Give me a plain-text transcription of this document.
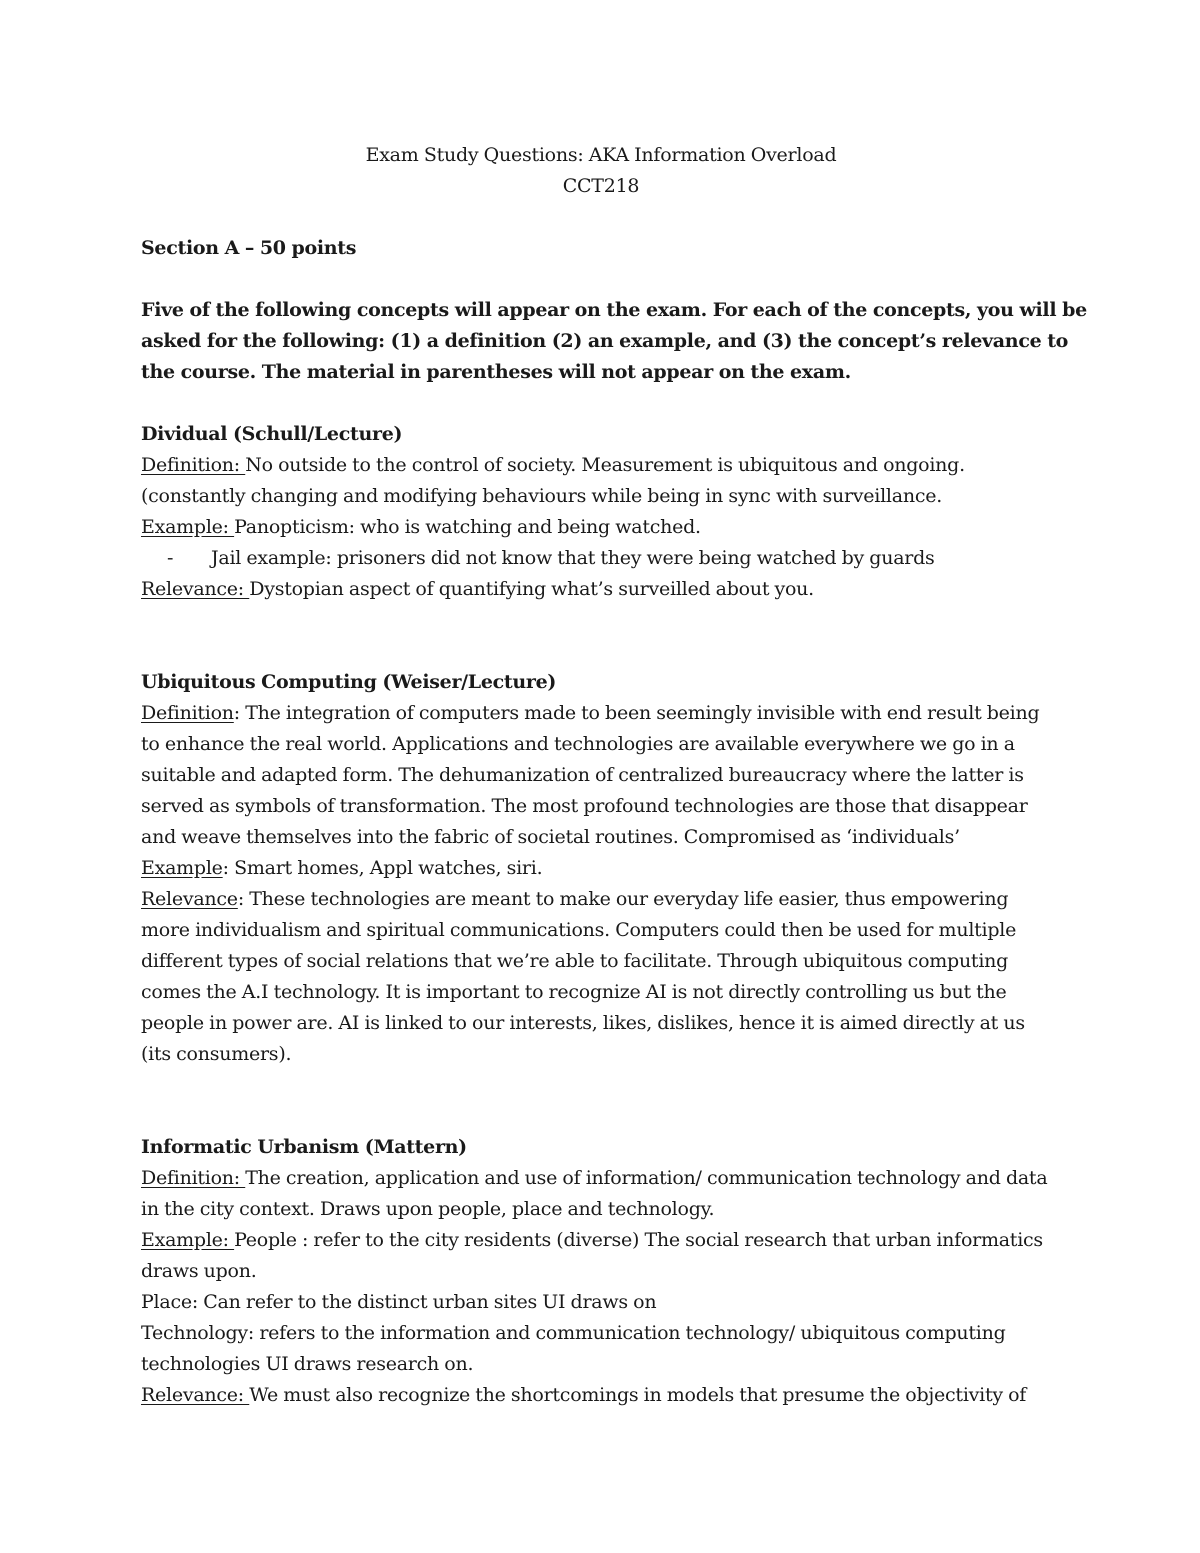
Exam Study Questions: AKA Information Overload
CCT218
Section A – 50 points
Five of the following concepts will appear on the exam. For each of the concepts, you will be
asked for the following: (1) a definition (2) an example, and (3) the concept’s relevance to
the course. The material in parentheses will not appear on the exam.
Dividual (Schull/Lecture)
Definition: No outside to the control of society. Measurement is ubiquitous and ongoing.
(constantly changing and modifying behaviours while being in sync with surveillance.
Example: Panopticism: who is watching and being watched.
- Jail example: prisoners did not know that they were being watched by guards
Relevance: Dystopian aspect of quantifying what’s surveilled about you.
Ubiquitous Computing (Weiser/Lecture)
Definition: The integration of computers made to been seemingly invisible with end result being
to enhance the real world. Applications and technologies are available everywhere we go in a
suitable and adapted form. The dehumanization of centralized bureaucracy where the latter is
served as symbols of transformation. The most profound technologies are those that disappear
and weave themselves into the fabric of societal routines. Compromised as ‘individuals’
Example: Smart homes, Appl watches, siri.
Relevance: These technologies are meant to make our everyday life easier, thus empowering
more individualism and spiritual communications. Computers could then be used for multiple
different types of social relations that we’re able to facilitate. Through ubiquitous computing
comes the A.I technology. It is important to recognize AI is not directly controlling us but the
people in power are. AI is linked to our interests, likes, dislikes, hence it is aimed directly at us
(its consumers).
Informatic Urbanism (Mattern)
Definition: The creation, application and use of information/ communication technology and data
in the city context. Draws upon people, place and technology.
Example: People : refer to the city residents (diverse) The social research that urban informatics
draws upon.
Place: Can refer to the distinct urban sites UI draws on
Technology: refers to the information and communication technology/ ubiquitous computing
technologies UI draws research on.
Relevance: We must also recognize the shortcomings in models that presume the objectivity of
